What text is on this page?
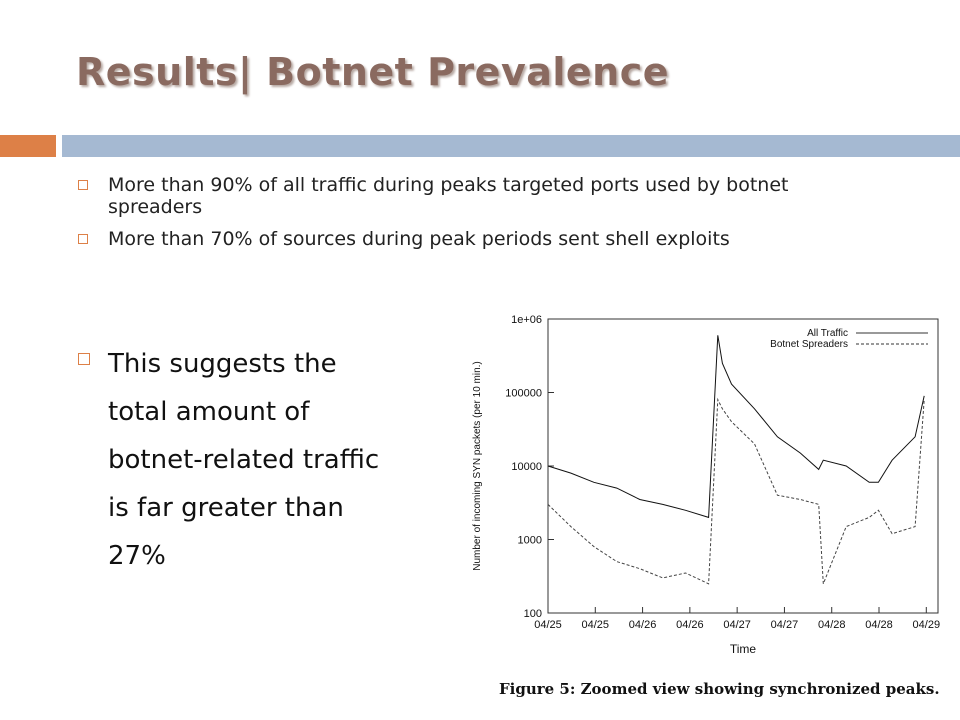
Results| Botnet Prevalence
More than 90% of all traffic during peaks targeted ports used by botnet spreaders
More than 70% of sources during peak periods sent shell exploits
This suggests the
total amount of
botnet-related traffic
is far greater than
27%
1e+06
100000
10000
1000
100
04/25 04/25 04/26 04/26 04/27 04/27 04/28 04/28 04/29
Time
Number of incoming SYN packets (per 10 min.)
All Traffic
Botnet Spreaders
Figure 5: Zoomed view showing synchronized peaks.
